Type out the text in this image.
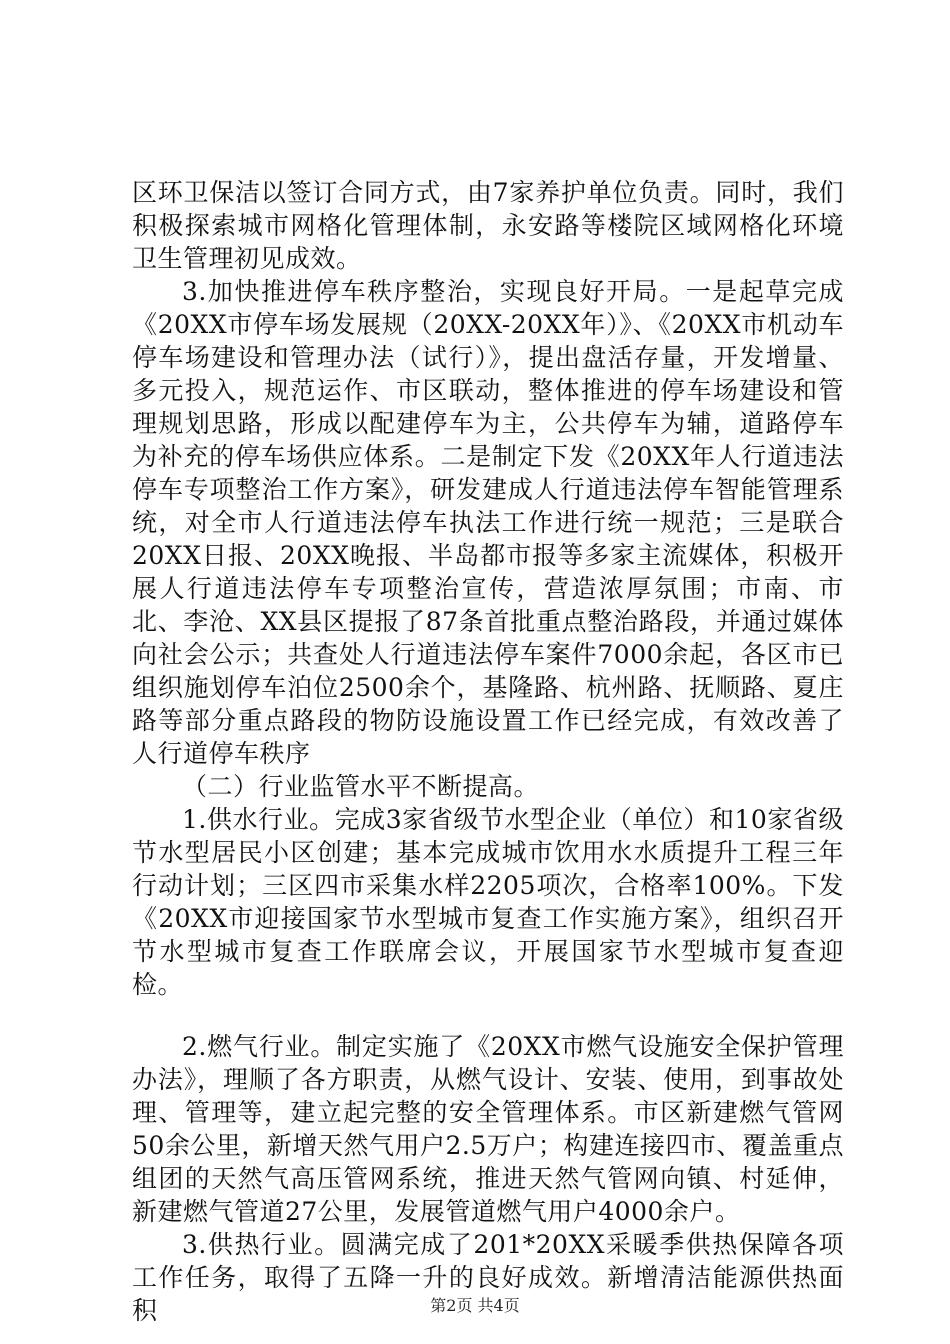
区环卫保洁以签订合同方式，由7家养护单位负责。同时，我们积极探索城市网格化管理体制，永安路等楼院区域网格化环境卫生管理初见成效。

3.加快推进停车秩序整治，实现良好开局。一是起草完成《20XX市停车场发展规（20XX-20XX年）》、《20XX市机动车停车场建设和管理办法（试行）》，提出盘活存量，开发增量、多元投入，规范运作、市区联动，整体推进的停车场建设和管理规划思路，形成以配建停车为主，公共停车为辅，道路停车为补充的停车场供应体系。二是制定下发《20XX年人行道违法停车专项整治工作方案》，研发建成人行道违法停车智能管理系统，对全市人行道违法停车执法工作进行统一规范；三是联合20XX日报、20XX晚报、半岛都市报等多家主流媒体，积极开展人行道违法停车专项整治宣传，营造浓厚氛围；市南、市北、李沧、XX县区提报了87条首批重点整治路段，并通过媒体向社会公示；共查处人行道违法停车案件7000余起，各区市已组织施划停车泊位2500余个，基隆路、杭州路、抚顺路、夏庄路等部分重点路段的物防设施设置工作已经完成，有效改善了人行道停车秩序

（二）行业监管水平不断提高。

1.供水行业。完成3家省级节水型企业（单位）和10家省级节水型居民小区创建；基本完成城市饮用水水质提升工程三年行动计划；三区四市采集水样2205项次，合格率100%。下发《20XX市迎接国家节水型城市复查工作实施方案》，组织召开节水型城市复查工作联席会议，开展国家节水型城市复查迎检。

2.燃气行业。制定实施了《20XX市燃气设施安全保护管理办法》，理顺了各方职责，从燃气设计、安装、使用，到事故处理、管理等，建立起完整的安全管理体系。市区新建燃气管网50余公里，新增天然气用户2.5万户；构建连接四市、覆盖重点组团的天然气高压管网系统，推进天然气管网向镇、村延伸，新建燃气管道27公里，发展管道燃气用户4000余户。

3.供热行业。圆满完成了201*20XX采暖季供热保障各项工作任务，取得了五降一升的良好成效。新增清洁能源供热面积	第2页 共4页
